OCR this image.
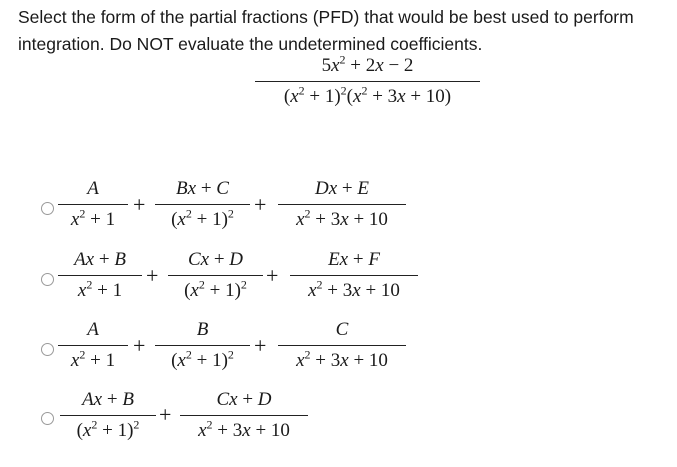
Select the form of the partial fractions (PFD) that would be best used to perform integration. Do NOT evaluate the undetermined coefficients.

$5x^2 + 2x - 2$
$(x^2 + 1)^2(x^2 + 3x + 10)$
A
$x^2 + 1$
+
Bx + C
$(x^2 + 1)^2$ +
Dx + E
$x^2 + 3x + 10$
Ax + B
$x^2 + 1$
+
Cx + D
$(x^2 + 1)^2$ +
Ex + F
$x^2 + 3x + 10$
A
$x^2 + 1$
+
B
$(x^2 + 1)^2$ +
C
$x^2 + 3x + 10$
Ax + B
$(x^2 + 1)^2$ +
Cx + D
$x^2 + 3x + 10$
